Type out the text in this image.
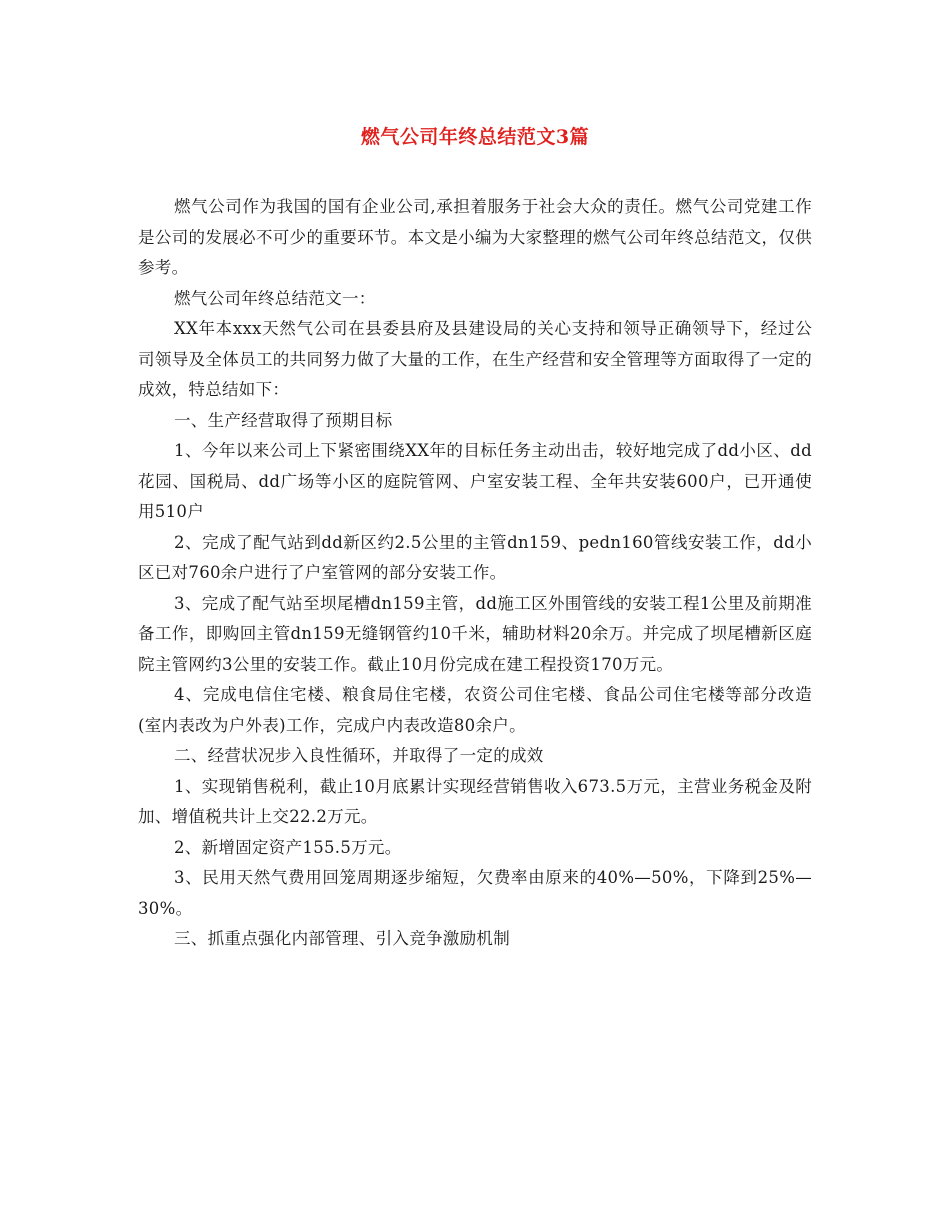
燃气公司年终总结范文3篇

燃气公司作为我国的国有企业公司,承担着服务于社会大众的责任。燃气公司党建工作是公司的发展必不可少的重要环节。本文是小编为大家整理的燃气公司年终总结范文，仅供参考。

燃气公司年终总结范文一：

XX年本xxx天然气公司在县委县府及县建设局的关心支持和领导正确领导下，经过公司领导及全体员工的共同努力做了大量的工作，在生产经营和安全管理等方面取得了一定的成效，特总结如下：

一、生产经营取得了预期目标

1、今年以来公司上下紧密围绕XX年的目标任务主动出击，较好地完成了dd小区、dd花园、国税局、dd广场等小区的庭院管网、户室安装工程、全年共安装600户，已开通使用510户

2、完成了配气站到dd新区约2.5公里的主管dn159、pedn160管线安装工作，dd小区已对760余户进行了户室管网的部分安装工作。

3、完成了配气站至坝尾槽dn159主管，dd施工区外围管线的安装工程1公里及前期准备工作，即购回主管dn159无缝钢管约10千米，辅助材料20余万。并完成了坝尾槽新区庭院主管网约3公里的安装工作。截止10月份完成在建工程投资170万元。

4、完成电信住宅楼、粮食局住宅楼，农资公司住宅楼、食品公司住宅楼等部分改造(室内表改为户外表)工作，完成户内表改造80余户。

二、经营状况步入良性循环，并取得了一定的成效

1、实现销售税利，截止10月底累计实现经营销售收入673.5万元，主营业务税金及附加、增值税共计上交22.2万元。

2、新增固定资产155.5万元。

3、民用天然气费用回笼周期逐步缩短，欠费率由原来的40%—50%，下降到25%—30%。

三、抓重点强化内部管理、引入竞争激励机制
